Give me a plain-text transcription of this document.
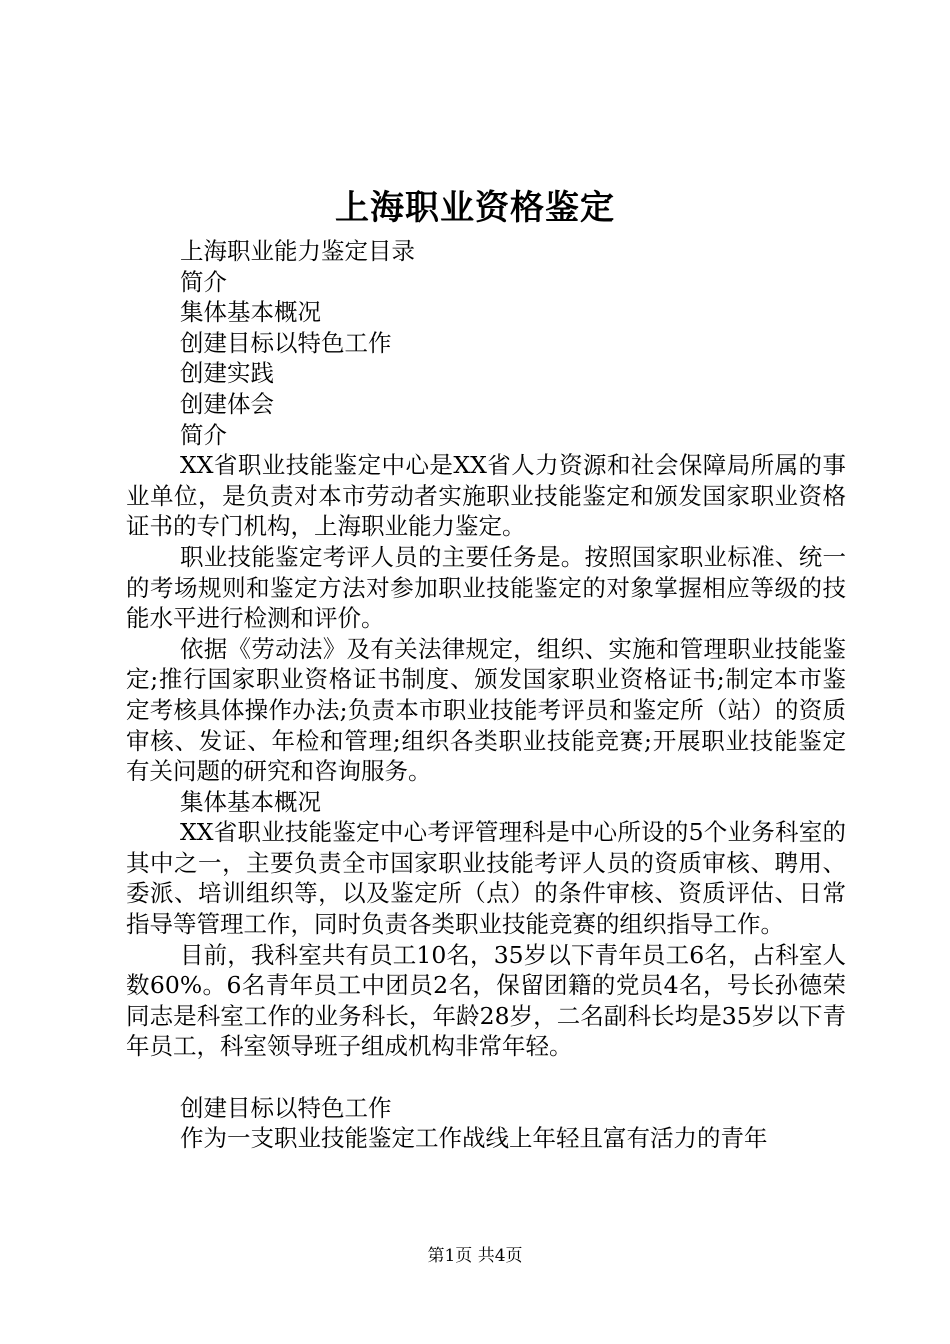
上海职业资格鉴定

上海职业能力鉴定目录

简介

集体基本概况

创建目标以特色工作

创建实践

创建体会

简介

XX省职业技能鉴定中心是XX省人力资源和社会保障局所属的事业单位，是负责对本市劳动者实施职业技能鉴定和颁发国家职业资格证书的专门机构，上海职业能力鉴定。

职业技能鉴定考评人员的主要任务是。按照国家职业标准、统一的考场规则和鉴定方法对参加职业技能鉴定的对象掌握相应等级的技能水平进行检测和评价。

依据《劳动法》及有关法律规定，组织、实施和管理职业技能鉴定;推行国家职业资格证书制度、颁发国家职业资格证书;制定本市鉴定考核具体操作办法;负责本市职业技能考评员和鉴定所（站）的资质审核、发证、年检和管理;组织各类职业技能竞赛;开展职业技能鉴定有关问题的研究和咨询服务。

集体基本概况

XX省职业技能鉴定中心考评管理科是中心所设的5个业务科室的其中之一，主要负责全市国家职业技能考评人员的资质审核、聘用、委派、培训组织等，以及鉴定所（点）的条件审核、资质评估、日常指导等管理工作，同时负责各类职业技能竞赛的组织指导工作。

目前，我科室共有员工10名，35岁以下青年员工6名，占科室人数60%。6名青年员工中团员2名，保留团籍的党员4名，号长孙德荣同志是科室工作的业务科长，年龄28岁，二名副科长均是35岁以下青年员工，科室领导班子组成机构非常年轻。

创建目标以特色工作

作为一支职业技能鉴定工作战线上年轻且富有活力的青年

第1页 共4页
